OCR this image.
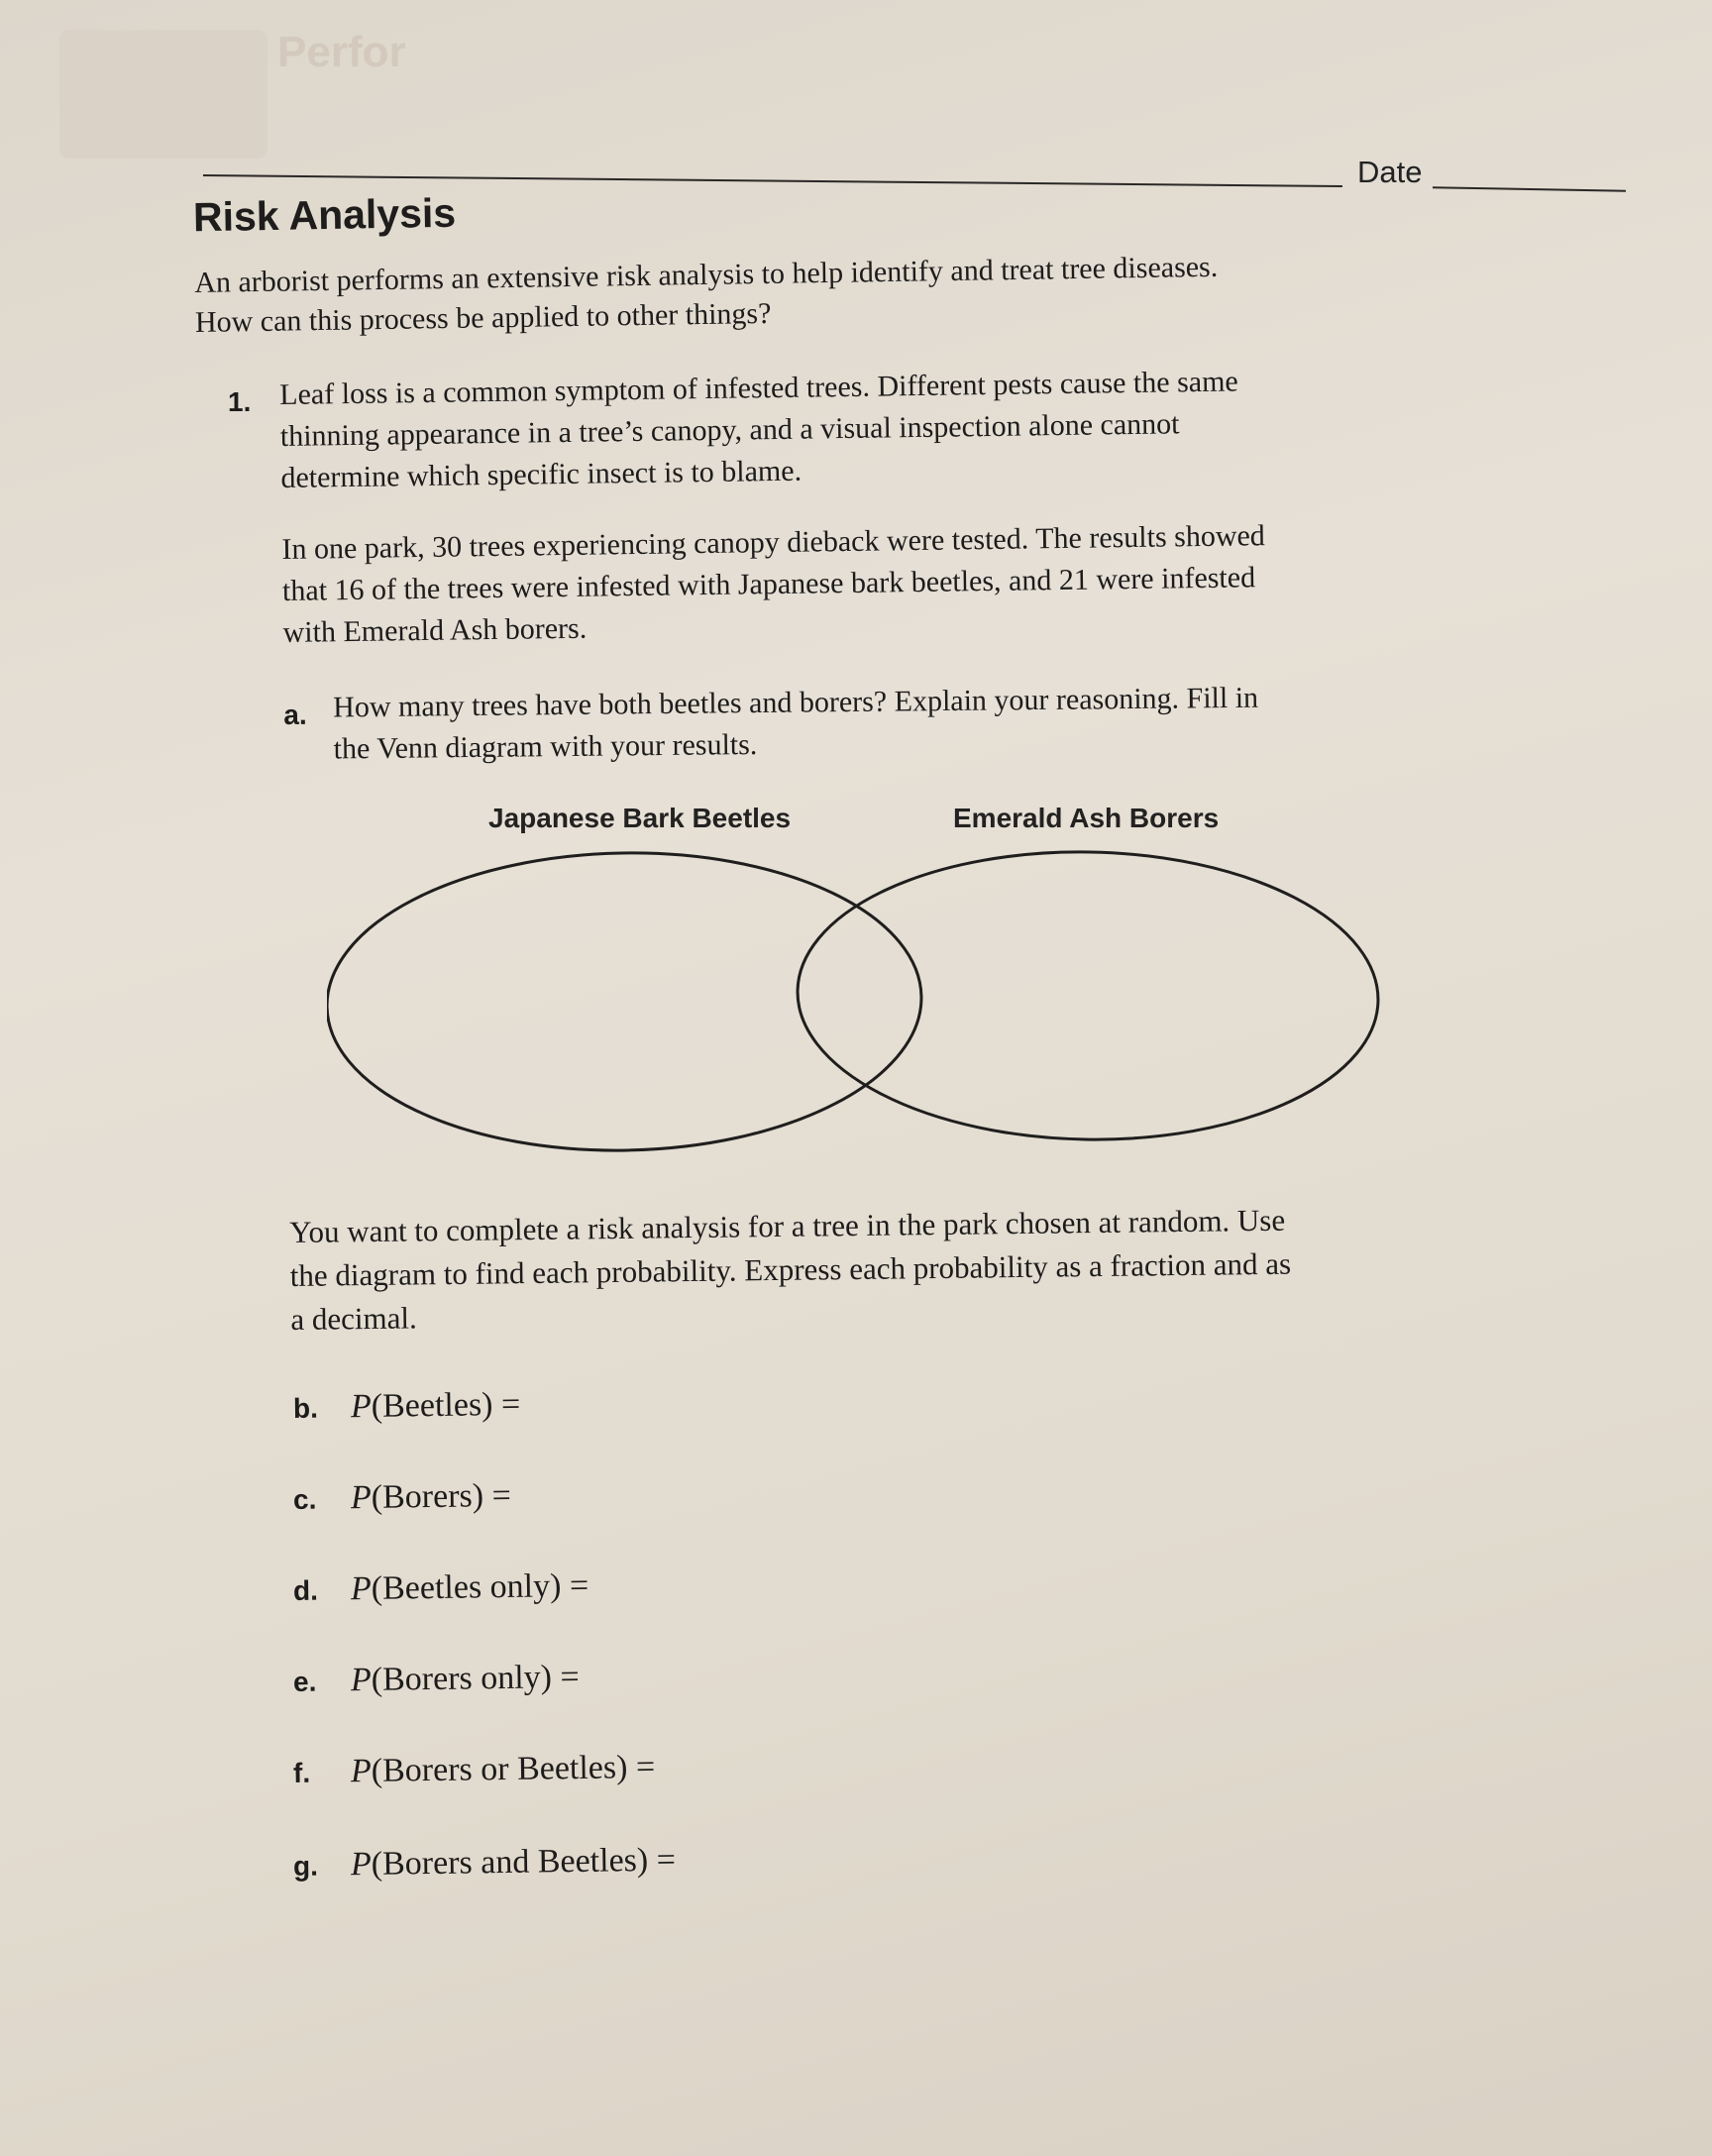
Perfor
Date
Risk Analysis
An arborist performs an extensive risk analysis to help identify and treat tree diseases.
How can this process be applied to other things?
1. Leaf loss is a common symptom of infested trees. Different pests cause the same
thinning appearance in a tree’s canopy, and a visual inspection alone cannot
determine which specific insect is to blame.

In one park, 30 trees experiencing canopy dieback were tested. The results showed
that 16 of the trees were infested with Japanese bark beetles, and 21 were infested
with Emerald Ash borers.

a. How many trees have both beetles and borers? Explain your reasoning. Fill in
the Venn diagram with your results.
Japanese Bark Beetles	Emerald Ash Borers
You want to complete a risk analysis for a tree in the park chosen at random. Use
the diagram to find each probability. Express each probability as a fraction and as
a decimal.
b. P(Beetles) =
c. P(Borers) =
d. P(Beetles only) =
e. P(Borers only) =
f. P(Borers or Beetles) =
g. P(Borers and Beetles) =
